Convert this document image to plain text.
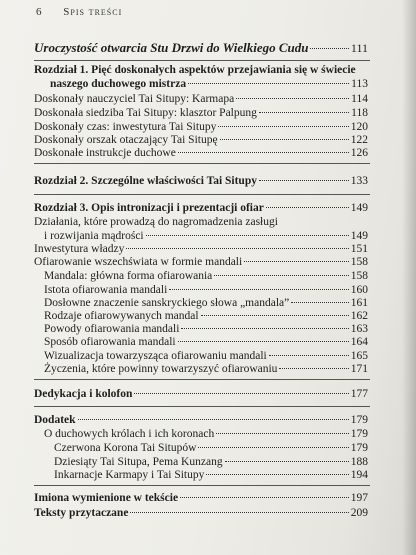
6 Spis treści
Uroczystość otwarcia Stu Drzwi do Wielkiego Cudu	111
Rozdział 1. Pięć doskonałych aspektów przejawiania się w świecie
naszego duchowego mistrza	113
Doskonały nauczyciel Tai Situpy: Karmapa	114
Doskonała siedziba Tai Situpy: klasztor Palpung	118
Doskonały czas: inwestytura Tai Situpy	120
Doskonały orszak otaczający Tai Situpę	122
Doskonałe instrukcje duchowe	126
Rozdział 2. Szczególne właściwości Tai Situpy	133
Rozdział 3. Opis intronizacji i prezentacji ofiar	149
Działania, które prowadzą do nagromadzenia zasługi
i rozwijania mądrości	149
Inwestytura władzy	151
Ofiarowanie wszechświata w formie mandali	158
Mandala: główna forma ofiarowania	158
Istota ofiarowania mandali	160
Dosłowne znaczenie sanskryckiego słowa „mandala”	161
Rodzaje ofiarowywanych mandal	162
Powody ofiarowania mandali	163
Sposób ofiarowania mandali	164
Wizualizacja towarzysząca ofiarowaniu mandali	165
Życzenia, które powinny towarzyszyć ofiarowaniu	171
Dedykacja i kolofon	177
Dodatek	179
O duchowych królach i ich koronach	179
Czerwona Korona Tai Situpów	179
Dziesiąty Tai Situpa, Pema Kunzang	188
Inkarnacje Karmapy i Tai Situpy	194
Imiona wymienione w tekście	197
Teksty przytaczane	209
